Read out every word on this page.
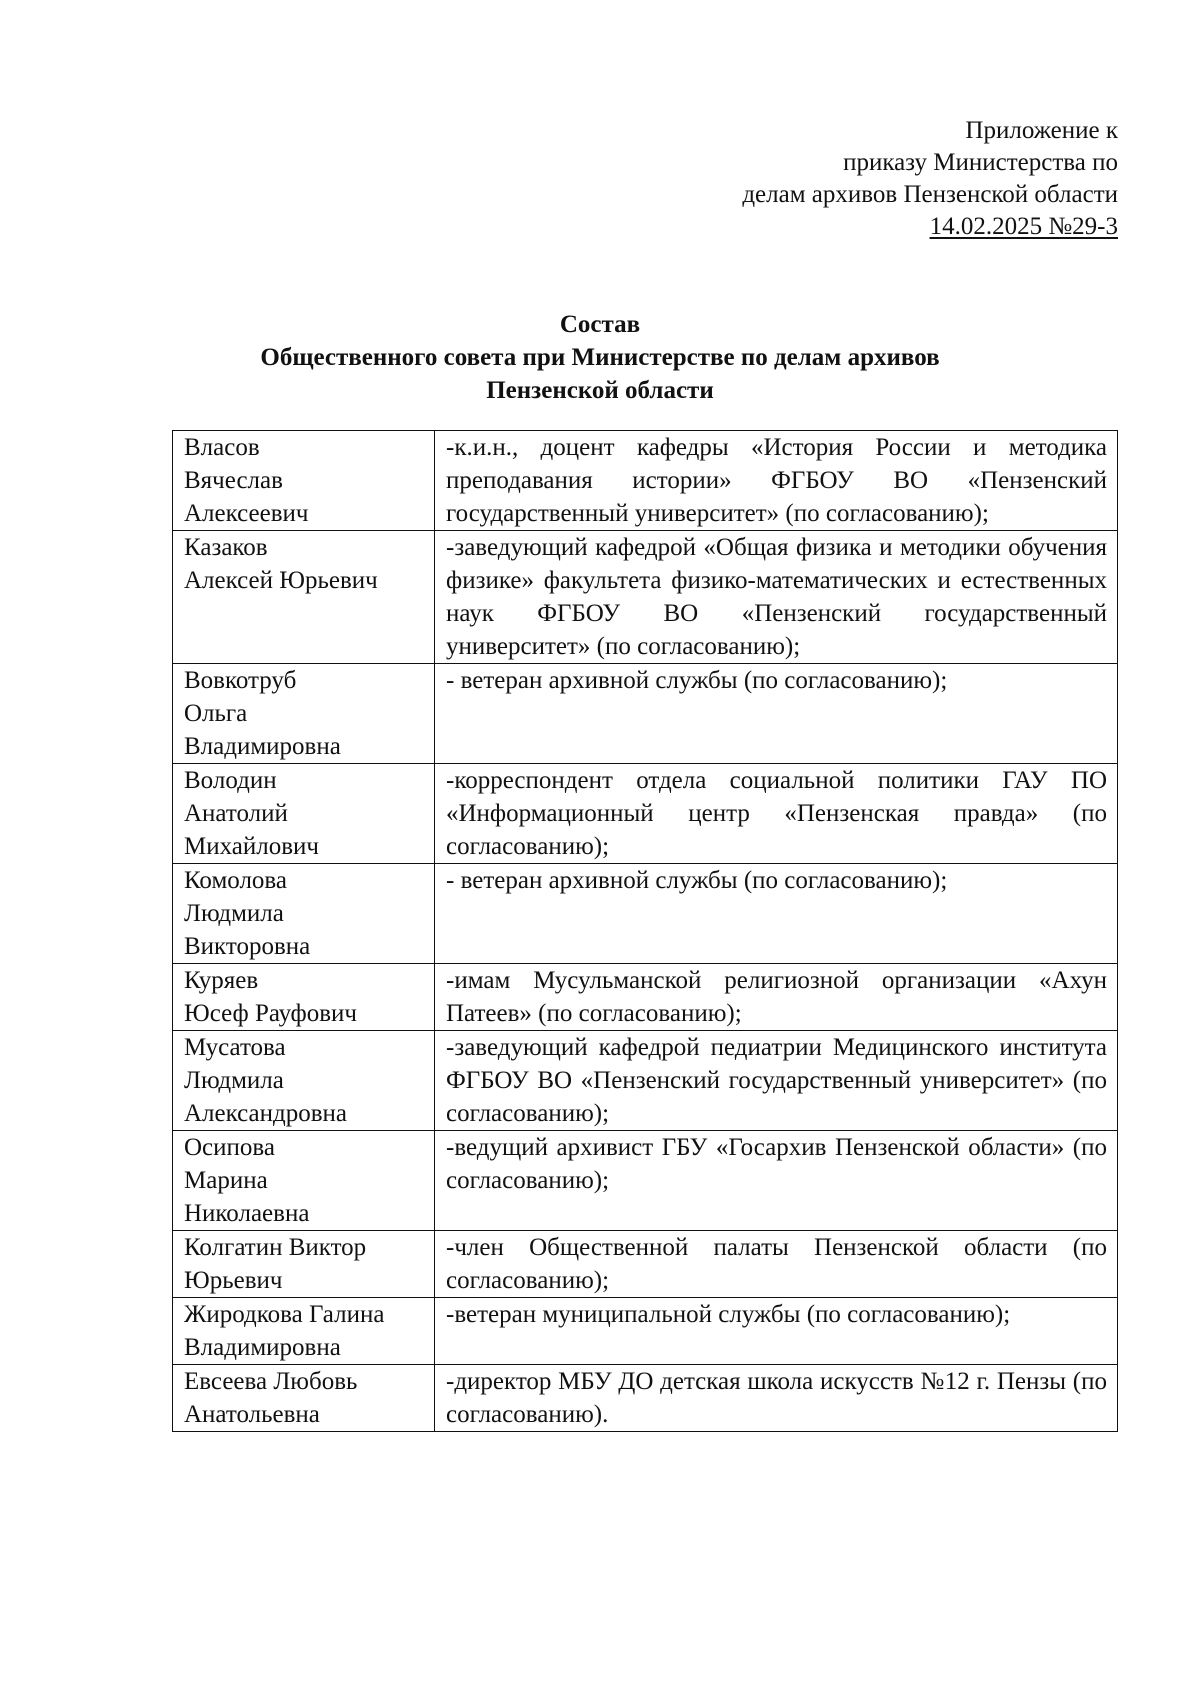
Приложение к
приказу Министерства по
делам архивов Пензенской области
14.02.2025 №29-3
Состав
Общественного совета при Министерстве по делам архивов
Пензенской области
Власов
Вячеслав
Алексеевич	-к.и.н., доцент кафедры «История России и методика преподавания истории» ФГБОУ ВО «Пензенский государственный университет» (по согласованию);

Казаков
Алексей Юрьевич	-заведующий кафедрой «Общая физика и методики обучения физике» факультета физико-математических и естественных наук ФГБОУ ВО «Пензенский государственный университет» (по согласованию);

Вовкотруб
Ольга
Владимировна	- ветеран архивной службы (по согласованию);

Володин
Анатолий
Михайлович	-корреспондент отдела социальной политики ГАУ ПО «Информационный центр «Пензенская правда» (по согласованию);

Комолова
Людмила
Викторовна	- ветеран архивной службы (по согласованию);

Куряев
Юсеф Рауфович	-имам Мусульманской религиозной организации «Ахун Патеев» (по согласованию);

Мусатова
Людмила
Александровна	-заведующий кафедрой педиатрии Медицинского института ФГБОУ ВО «Пензенский государственный университет» (по согласованию);

Осипова
Марина
Николаевна	-ведущий архивист ГБУ «Госархив Пензенской области» (по согласованию);

Колгатин Виктор
Юрьевич	-член Общественной палаты Пензенской области (по согласованию);

Жиродкова Галина
Владимировна	-ветеран муниципальной службы (по согласованию);

Евсеева Любовь
Анатольевна	-директор МБУ ДО детская школа искусств №12 г. Пензы (по согласованию).
